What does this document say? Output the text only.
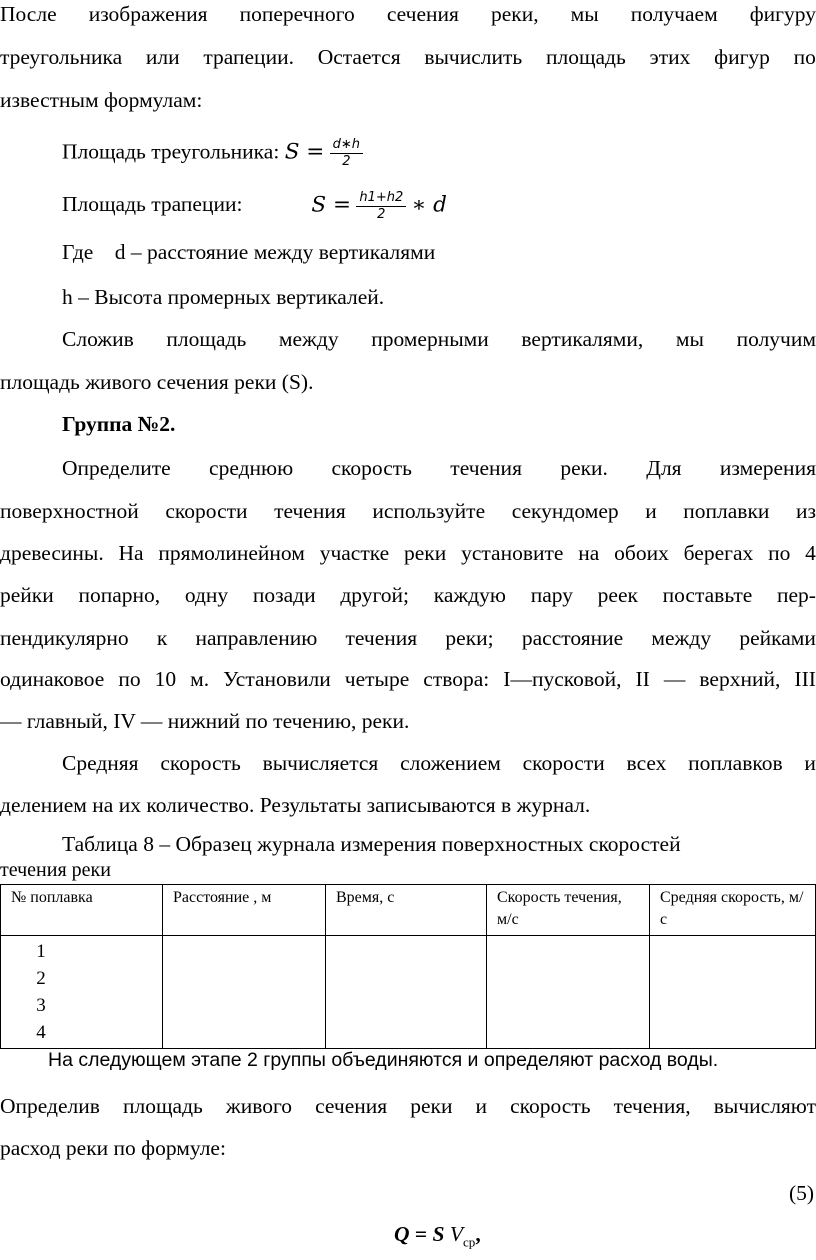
После изображения поперечного сечения реки, мы получаем фигуру
треугольника или трапеции. Остается вычислить площадь этих фигур по
известным формулам:
Площадь треугольника: $S = \frac{d∗h}{2}$
Площадь трапеции:	$S = \frac{h1+h2}{2}$ ∗ d
Где    d – расстояние между вертикалями
h – Высота промерных вертикалей.
Сложив площадь между промерными вертикалями, мы получим
площадь живого сечения реки (S).
Группа №2.
Определите среднюю скорость течения реки. Для измерения
поверхностной скорости течения используйте секундомер и поплавки из
древесины. На прямолинейном участке реки установите на обоих берегах по 4
рейки попарно, одну позади другой; каждую пару реек поставьте пер-
пендикулярно к направлению течения реки; расстояние между рейками
одинаковое по 10 м. Установили четыре створа: I—пусковой, II — верхний, III
— главный, IV — нижний по течению, реки.
Средняя скорость вычисляется сложением скорости всех поплавков и
делением на их количество. Результаты записываются в журнал.
Таблица 8 – Образец журнала измерения поверхностных скоростей
течения реки
№ поплавка	Расстояние , м	Время, с	Скорость течения, м/с	Средняя скорость, м/с

1
2
3
4				

На следующем этапе 2 группы объединяются и определяют расход воды.
Определив площадь живого сечения реки и скорость течения, вычисляют
расход реки по формуле:
(5)
Q = S $V_{ср}$,
